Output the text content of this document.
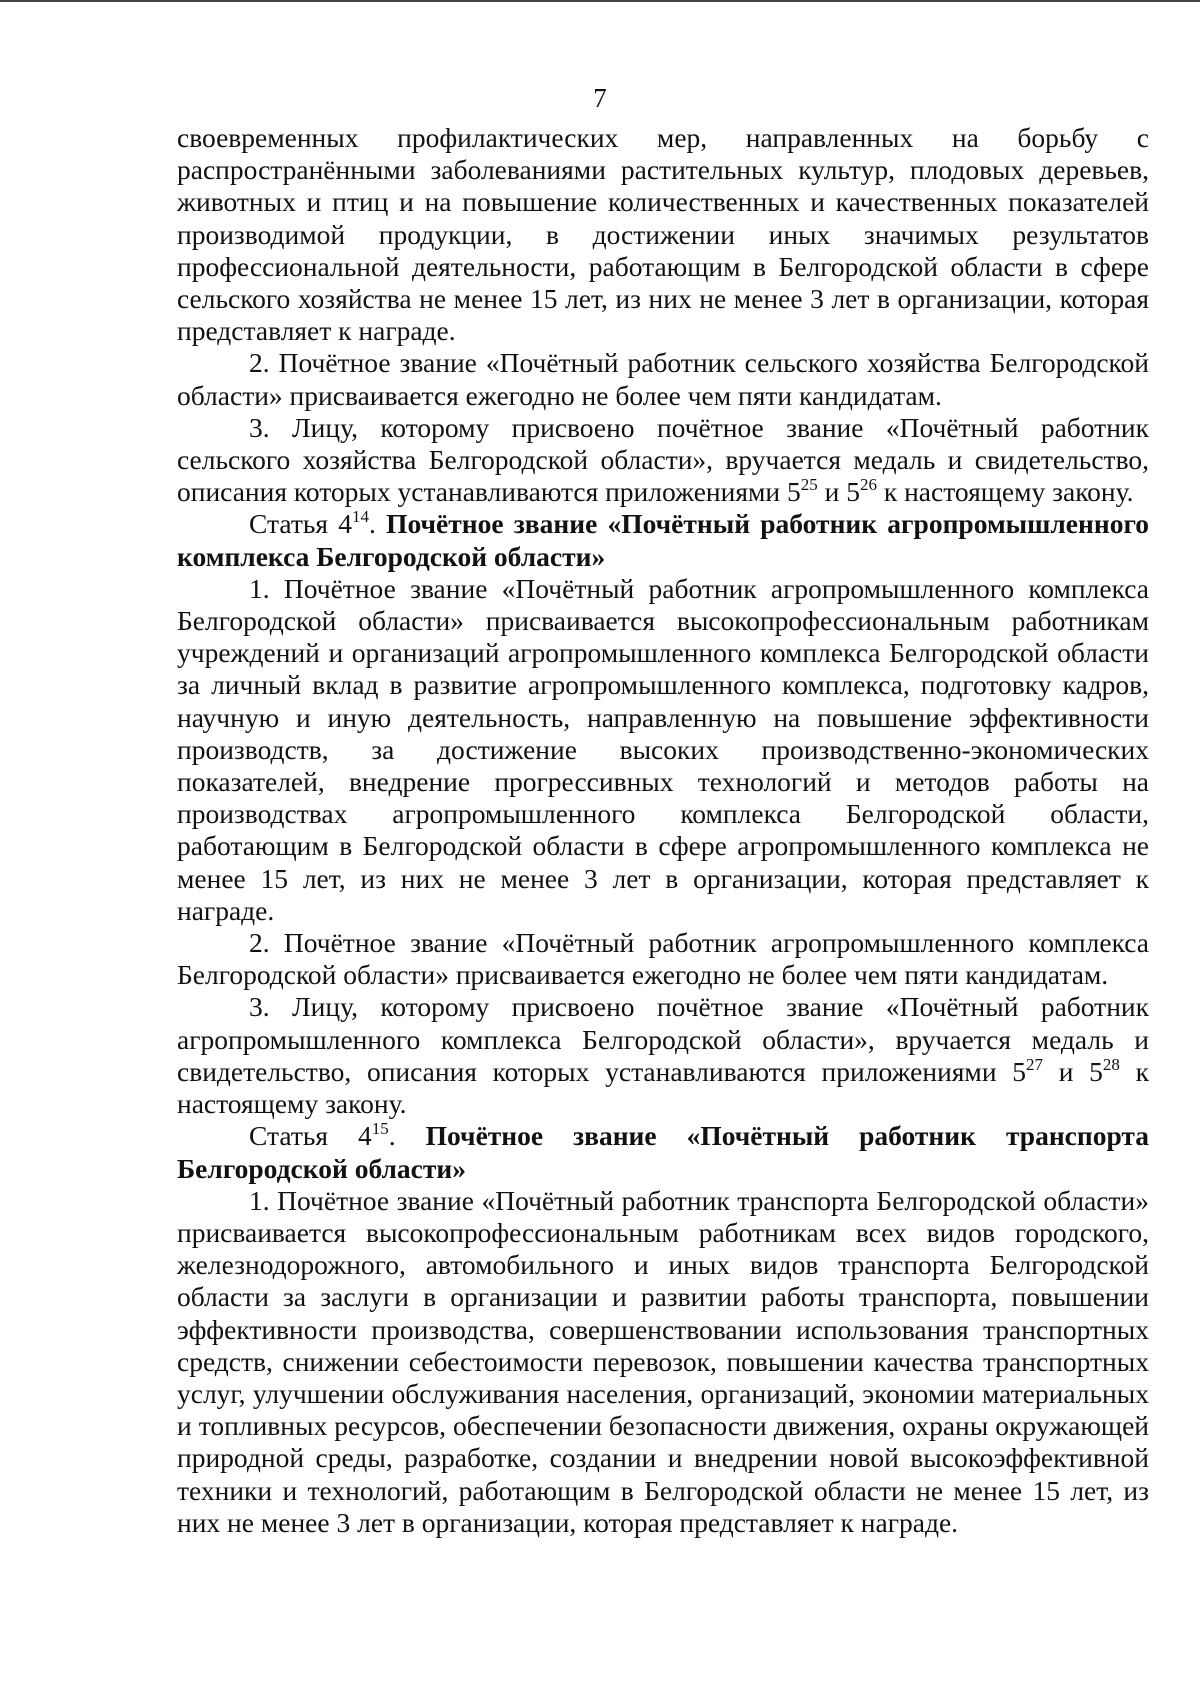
7

своевременных профилактических мер, направленных на борьбу с распространёнными заболеваниями растительных культур, плодовых деревьев, животных и птиц и на повышение количественных и качественных показателей производимой продукции, в достижении иных значимых результатов профессиональной деятельности, работающим в Белгородской области в сфере сельского хозяйства не менее 15 лет, из них не менее 3 лет в организации, которая представляет к награде.

2. Почётное звание «Почётный работник сельского хозяйства Белгородской области» присваивается ежегодно не более чем пяти кандидатам.

3. Лицу, которому присвоено почётное звание «Почётный работник сельского хозяйства Белгородской области», вручается медаль и свидетельство, описания которых устанавливаются приложениями $5^{25}$ и $5^{26}$ к настоящему закону.

Статья $4^{14}$. Почётное звание «Почётный работник агропромышленного комплекса Белгородской области»

1. Почётное звание «Почётный работник агропромышленного комплекса Белгородской области» присваивается высокопрофессиональным работникам учреждений и организаций агропромышленного комплекса Белгородской области за личный вклад в развитие агропромышленного комплекса, подготовку кадров, научную и иную деятельность, направленную на повышение эффективности производств, за достижение высоких производственно-экономических показателей, внедрение прогрессивных технологий и методов работы на производствах агропромышленного комплекса Белгородской области, работающим в Белгородской области в сфере агропромышленного комплекса не менее 15 лет, из них не менее 3 лет в организации, которая представляет к награде.

2. Почётное звание «Почётный работник агропромышленного комплекса Белгородской области» присваивается ежегодно не более чем пяти кандидатам.

3. Лицу, которому присвоено почётное звание «Почётный работник агропромышленного комплекса Белгородской области», вручается медаль и свидетельство, описания которых устанавливаются приложениями $5^{27}$ и $5^{28}$ к настоящему закону.

Статья $4^{15}$. Почётное звание «Почётный работник транспорта Белгородской области»

1. Почётное звание «Почётный работник транспорта Белгородской области» присваивается высокопрофессиональным работникам всех видов городского, железнодорожного, автомобильного и иных видов транспорта Белгородской области за заслуги в организации и развитии работы транспорта, повышении эффективности производства, совершенствовании использования транспортных средств, снижении себестоимости перевозок, повышении качества транспортных услуг, улучшении обслуживания населения, организаций, экономии материальных и топливных ресурсов, обеспечении безопасности движения, охраны окружающей природной среды, разработке, создании и внедрении новой высокоэффективной техники и технологий, работающим в Белгородской области не менее 15 лет, из них не менее 3 лет в организации, которая представляет к награде.
